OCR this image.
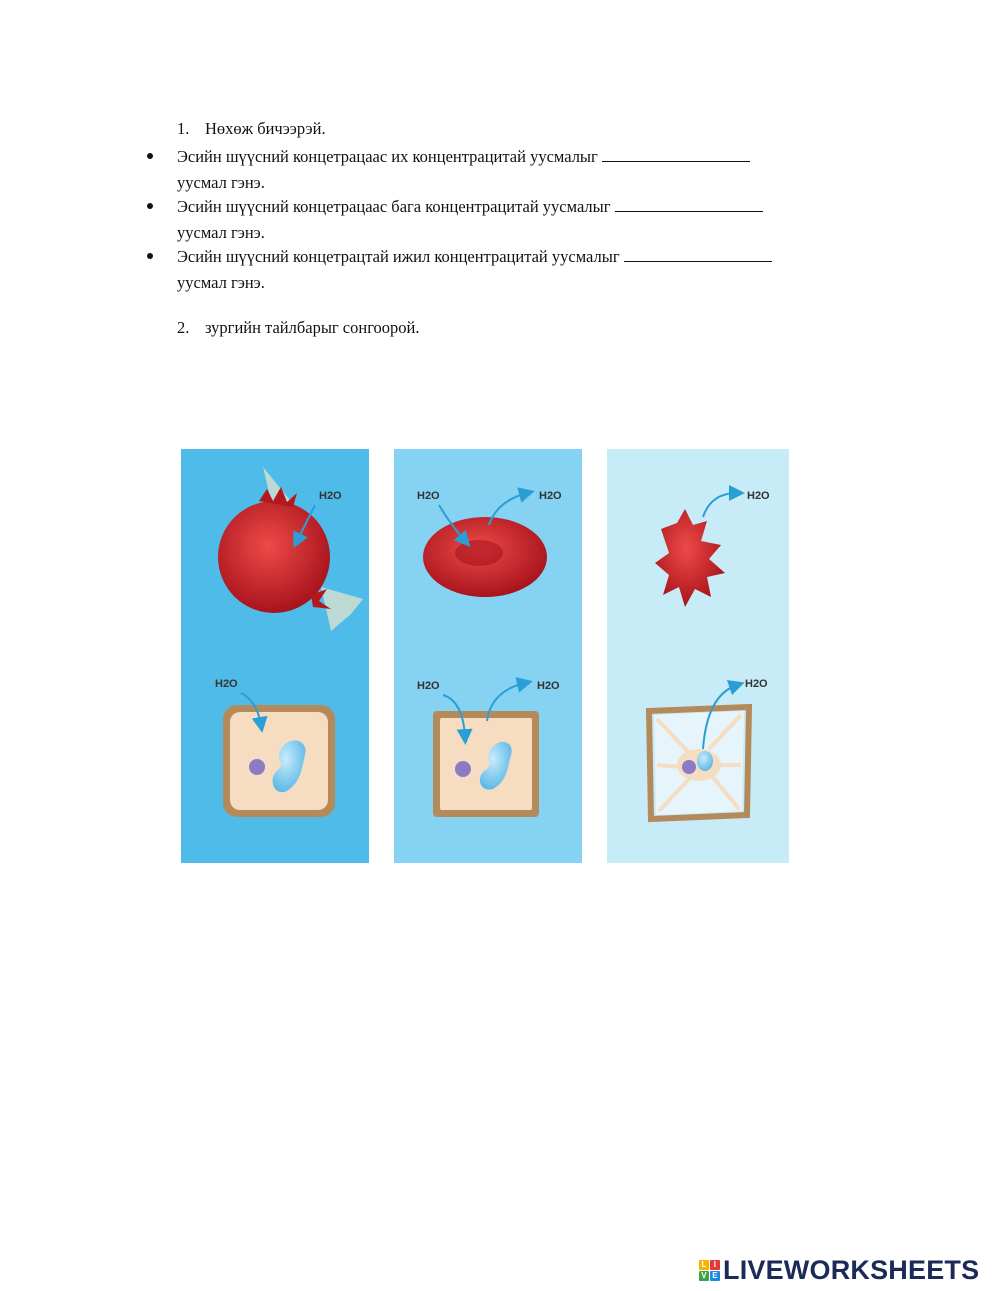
1. Нөхөж бичээрэй.
Эсийн шүүсний концетрацаас их концентрацитай уусмалыг
уусмал гэнэ.
Эсийн шүүсний концетрацаас бага концентрацитай уусмалыг
уусмал гэнэ.
Эсийн шүүсний концетрацтай ижил концентрацитай уусмалыг
уусмал гэнэ.
2. зургийн тайлбарыг сонгоорой.
H2O
H2O
H2O	H2O
H2O	H2O
H2O
H2O
L I
V E LIVEWORKSHEETS
